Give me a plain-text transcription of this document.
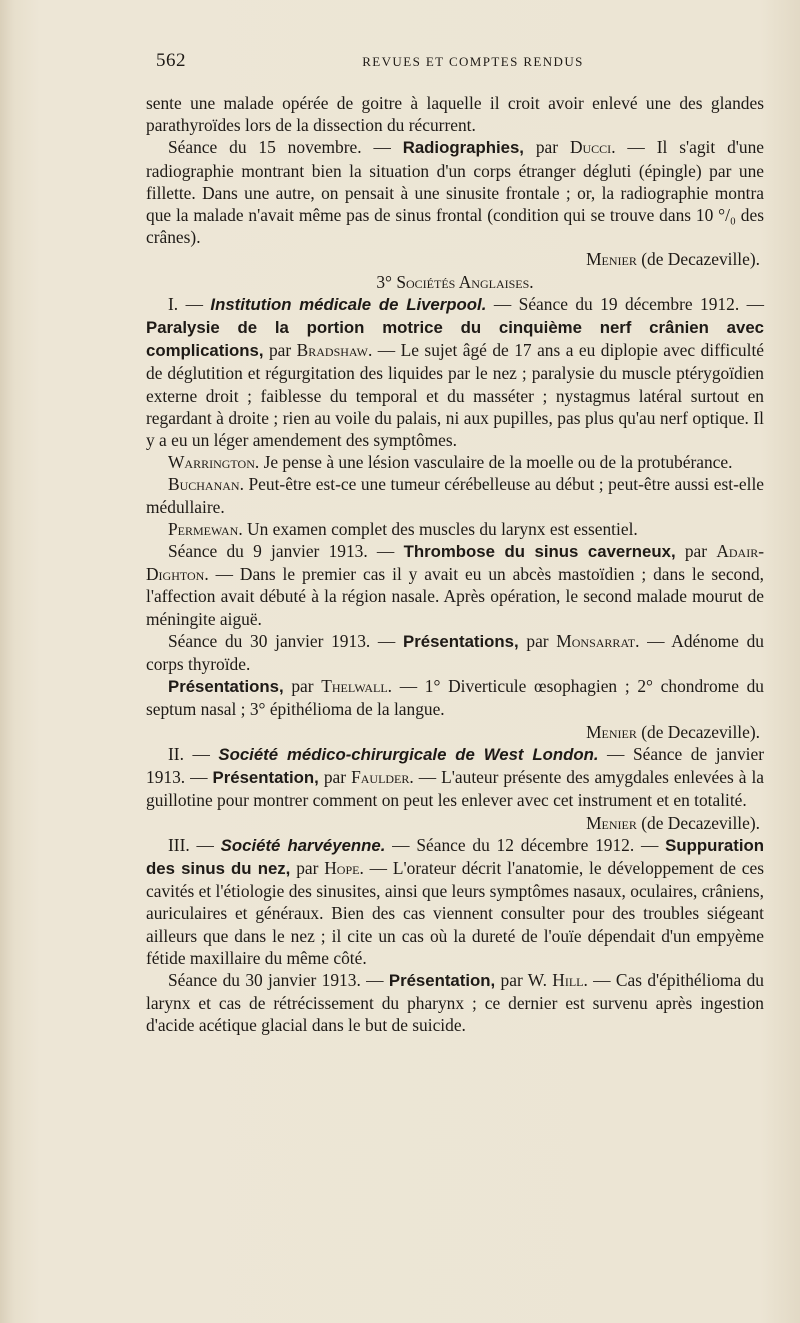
562	REVUES ET COMPTES RENDUS

sente une malade opérée de goitre à laquelle il croit avoir enlevé une des glandes parathyroïdes lors de la dissection du récurrent.

Séance du 15 novembre. — Radiographies, par Ducci. — Il s'agit d'une radiographie montrant bien la situation d'un corps étranger dégluti (épingle) par une fillette. Dans une autre, on pensait à une sinusite frontale ; or, la radiographie montra que la malade n'avait même pas de sinus frontal (condition qui se trouve dans 10 °/₀ des crânes).

Menier (de Decazeville).

3° Sociétés Anglaises.

I. — Institution médicale de Liverpool. — Séance du 19 décembre 1912. — Paralysie de la portion motrice du cinquième nerf crânien avec complications, par Bradshaw. — Le sujet âgé de 17 ans a eu diplopie avec difficulté de déglutition et régurgitation des liquides par le nez ; paralysie du muscle ptérygoïdien externe droit ; faiblesse du temporal et du masséter ; nystagmus latéral surtout en regardant à droite ; rien au voile du palais, ni aux pupilles, pas plus qu'au nerf optique. Il y a eu un léger amendement des symptômes.

Warrington. Je pense à une lésion vasculaire de la moelle ou de la protubérance.

Buchanan. Peut-être est-ce une tumeur cérébelleuse au début ; peut-être aussi est-elle médullaire.

Permewan. Un examen complet des muscles du larynx est essentiel.

Séance du 9 janvier 1913. — Thrombose du sinus caverneux, par Adair-Dighton. — Dans le premier cas il y avait eu un abcès mastoïdien ; dans le second, l'affection avait débuté à la région nasale. Après opération, le second malade mourut de méningite aiguë.

Séance du 30 janvier 1913. — Présentations, par Monsarrat. — Adénome du corps thyroïde.

Présentations, par Thelwall. — 1° Diverticule œsophagien ; 2° chondrome du septum nasal ; 3° épithélioma de la langue.

Menier (de Decazeville).

II. — Société médico-chirurgicale de West London. — Séance de janvier 1913. — Présentation, par Faulder. — L'auteur présente des amygdales enlevées à la guillotine pour montrer comment on peut les enlever avec cet instrument et en totalité.

Menier (de Decazeville).

III. — Société harvéyenne. — Séance du 12 décembre 1912. — Suppuration des sinus du nez, par Hope. — L'orateur décrit l'anatomie, le développement de ces cavités et l'étiologie des sinusites, ainsi que leurs symptômes nasaux, oculaires, crâniens, auriculaires et généraux. Bien des cas viennent consulter pour des troubles siégeant ailleurs que dans le nez ; il cite un cas où la dureté de l'ouïe dépendait d'un empyème fétide maxillaire du même côté.

Séance du 30 janvier 1913. — Présentation, par W. Hill. — Cas d'épithélioma du larynx et cas de rétrécissement du pharynx ; ce dernier est survenu après ingestion d'acide acétique glacial dans le but de suicide.
